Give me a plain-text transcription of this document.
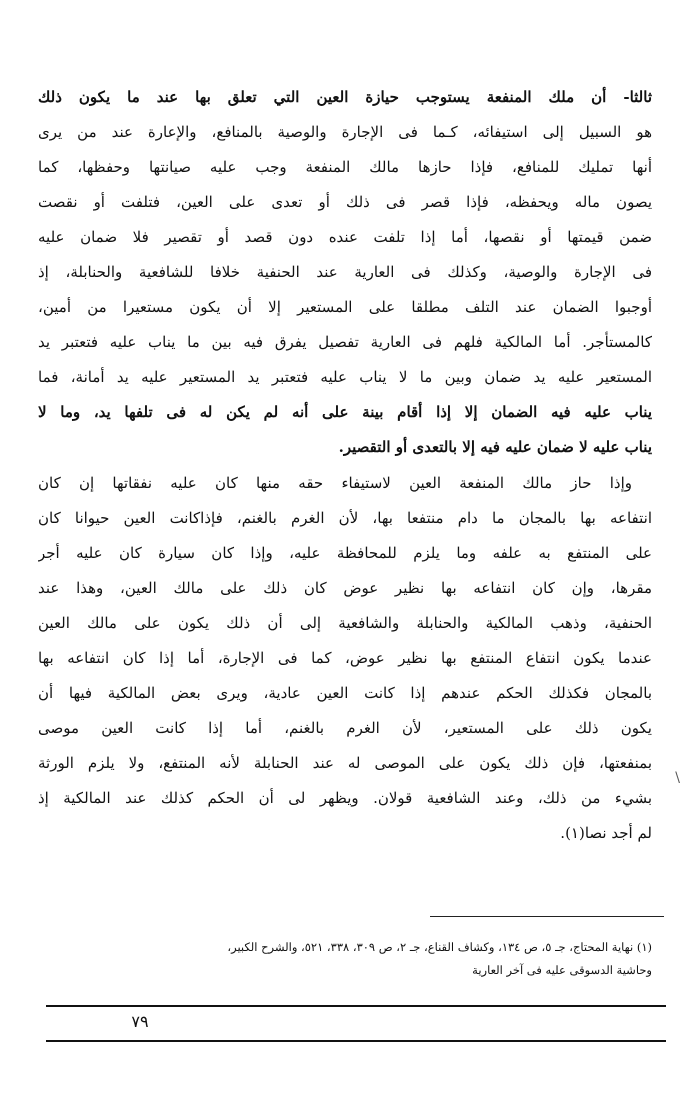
ثالثا- أن ملك المنفعة يستوجب حيازة العين التي تعلق بها عند ما يكون ذلك
هو السبيل إلى استيفائه، كـما فى الإجارة والوصية بالمنافع، والإعارة عند من يرى
أنها تمليك للمنافع، فإذا حازها مالك المنفعة وجب عليه صيانتها وحفظها، كما
يصون ماله ويحفظه، فإذا قصر فى ذلك أو تعدى على العين، فتلفت أو نقصت
ضمن قيمتها أو نقصها، أما إذا تلفت عنده دون قصد أو تقصير فلا ضمان عليه
فى الإجارة والوصية، وكذلك فى العارية عند الحنفية خلافا للشافعية والحنابلة، إذ
أوجبوا الضمان عند التلف مطلقا على المستعير إلا أن يكون مستعيرا من أمين،
كالمستأجر. أما المالكية فلهم فى العارية تفصيل يفرق فيه بين ما يناب عليه فتعتبر يد
المستعير عليه يد ضمان وبين ما لا يناب عليه فتعتبر يد المستعير عليه يد أمانة، فما
يناب عليه فيه الضمان إلا إذا أقام بينة على أنه لم يكن له فى تلفها يد، وما لا
يناب عليه لا ضمان عليه فيه إلا بالتعدى أو التقصير.
وإذا حاز مالك المنفعة العين لاستيفاء حقه منها كان عليه نفقاتها إن كان
انتفاعه بها بالمجان ما دام منتفعا بها، لأن الغرم بالغنم، فإذاكانت العين حيوانا كان
على المنتفع به علفه وما يلزم للمحافظة عليه، وإذا كان سيارة كان عليه أجر
مقرها، وإن كان انتفاعه بها نظير عوض كان ذلك على مالك العين، وهذا عند
الحنفية، وذهب المالكية والحنابلة والشافعية إلى أن ذلك يكون على مالك العين
عندما يكون انتفاع المنتفع بها نظير عوض، كما فى الإجارة، أما إذا كان انتفاعه بها
بالمجان فكذلك الحكم عندهم إذا كانت العين عادية، ويرى بعض المالكية فيها أن
يكون ذلك على المستعير، لأن الغرم بالغنم، أما إذا كانت العين موصى
بمنفعتها، فإن ذلك يكون على الموصى له عند الحنابلة لأنه المنتفع، ولا يلزم الورثة
بشيء من ذلك، وعند الشافعية قولان. ويظهر لى أن الحكم كذلك عند المالكية إذ
لم أجد نصا(١).
\
(١) نهاية المحتاج، جـ ٥، ص ١٣٤، وكشاف القناع، جـ ٢، ص ٣٠٩، ٣٣٨، ٥٢١، والشرح الكبير،
وحاشية الدسوقى عليه فى آخر العارية
٧٩
